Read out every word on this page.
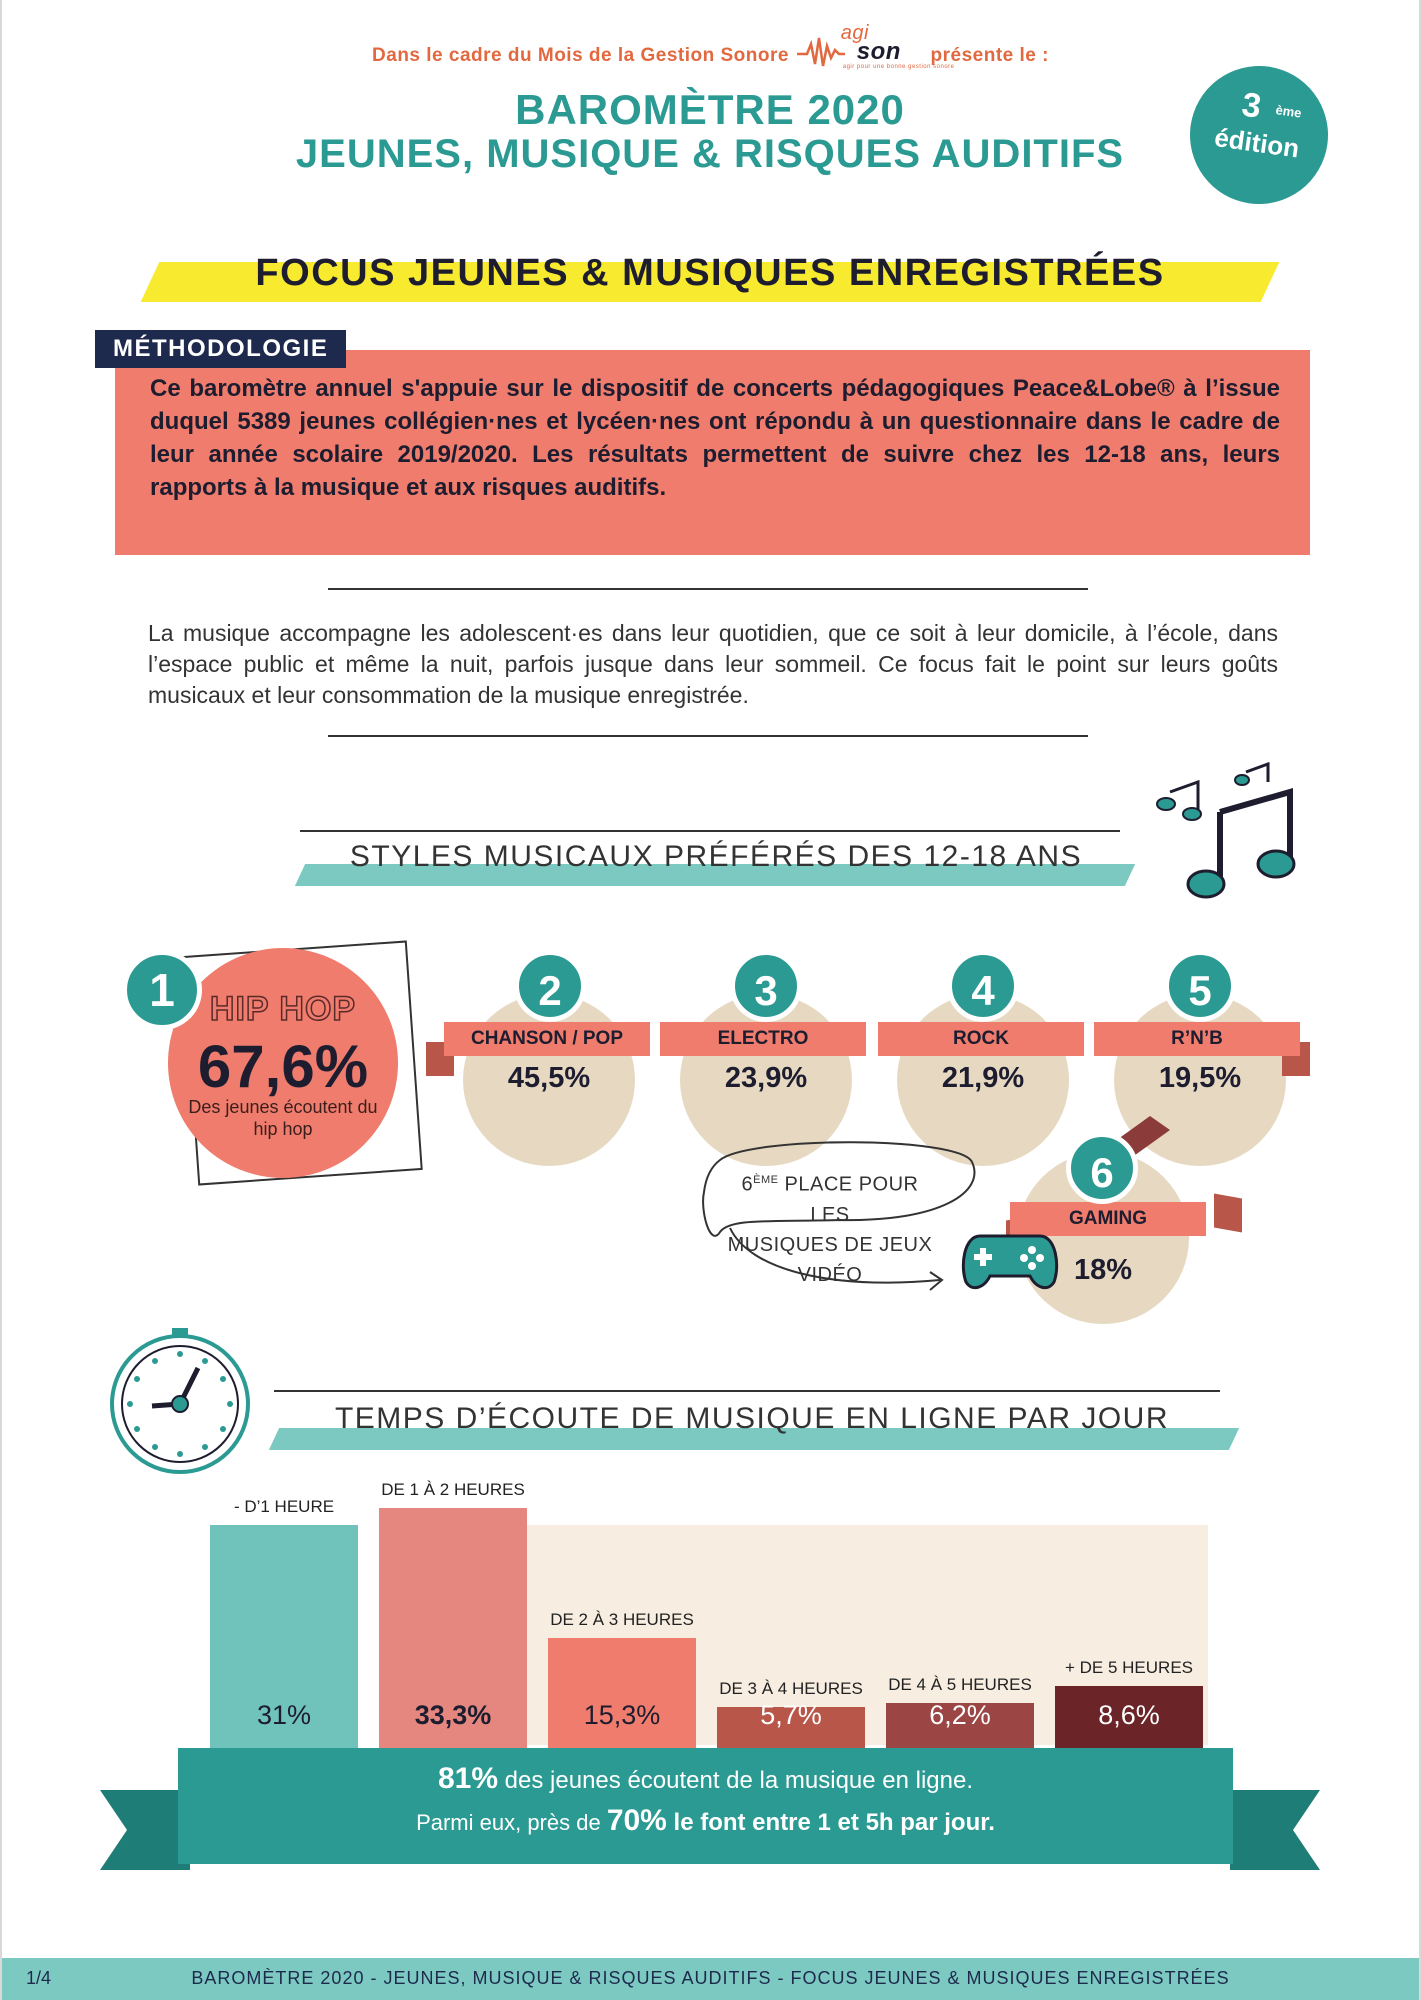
Dans le cadre du Mois de la Gestion Sonore
agi
son
agir pour une bonne gestion sonore
présente le :
BAROMÈTRE 2020
JEUNES, MUSIQUE & RISQUES AUDITIFS
3 ème
édition
FOCUS JEUNES & MUSIQUES ENREGISTRÉES
MÉTHODOLOGIE
Ce baromètre annuel s'appuie sur le dispositif de concerts pédagogiques Peace&Lobe® à l’issue duquel 5389 jeunes collégien·nes et lycéen·nes ont répondu à un questionnaire dans le cadre de leur année scolaire 2019/2020. Les résultats permettent de suivre chez les 12-18 ans, leurs rapports à la musique et aux risques auditifs.
La musique accompagne les adolescent·es dans leur quotidien, que ce soit à leur domicile, à l’école, dans l’espace public et même la nuit, parfois jusque dans leur sommeil. Ce focus fait le point sur leurs goûts musicaux et leur consommation de la musique enregistrée.
STYLES MUSICAUX PRÉFÉRÉS DES 12-18 ANS
1	HIP HOP
67,6%
Des jeunes écoutent du hip hop
CHANSON / POP	ELECTRO	ROCK	R’N’B
2	3	4	5
45,5%	23,9%	21,9%	19,5%
GAMING
6
18%
6ÈME PLACE POUR LES
MUSIQUES DE JEUX VIDÉO
TEMPS D’ÉCOUTE DE MUSIQUE EN LIGNE PAR JOUR
- D’1 HEURE
31%
DE 1 À 2 HEURES
33,3%
DE 2 À 3 HEURES
15,3%
DE 3 À 4 HEURES
5,7%
DE 4 À 5 HEURES
6,2%
+ DE 5 HEURES
8,6%
81% des jeunes écoutent de la musique en ligne.
Parmi eux, près de 70% le font entre 1 et 5h par jour.
BAROMÈTRE 2020 - JEUNES, MUSIQUE & RISQUES AUDITIFS - FOCUS JEUNES & MUSIQUES ENREGISTRÉES
1/4
